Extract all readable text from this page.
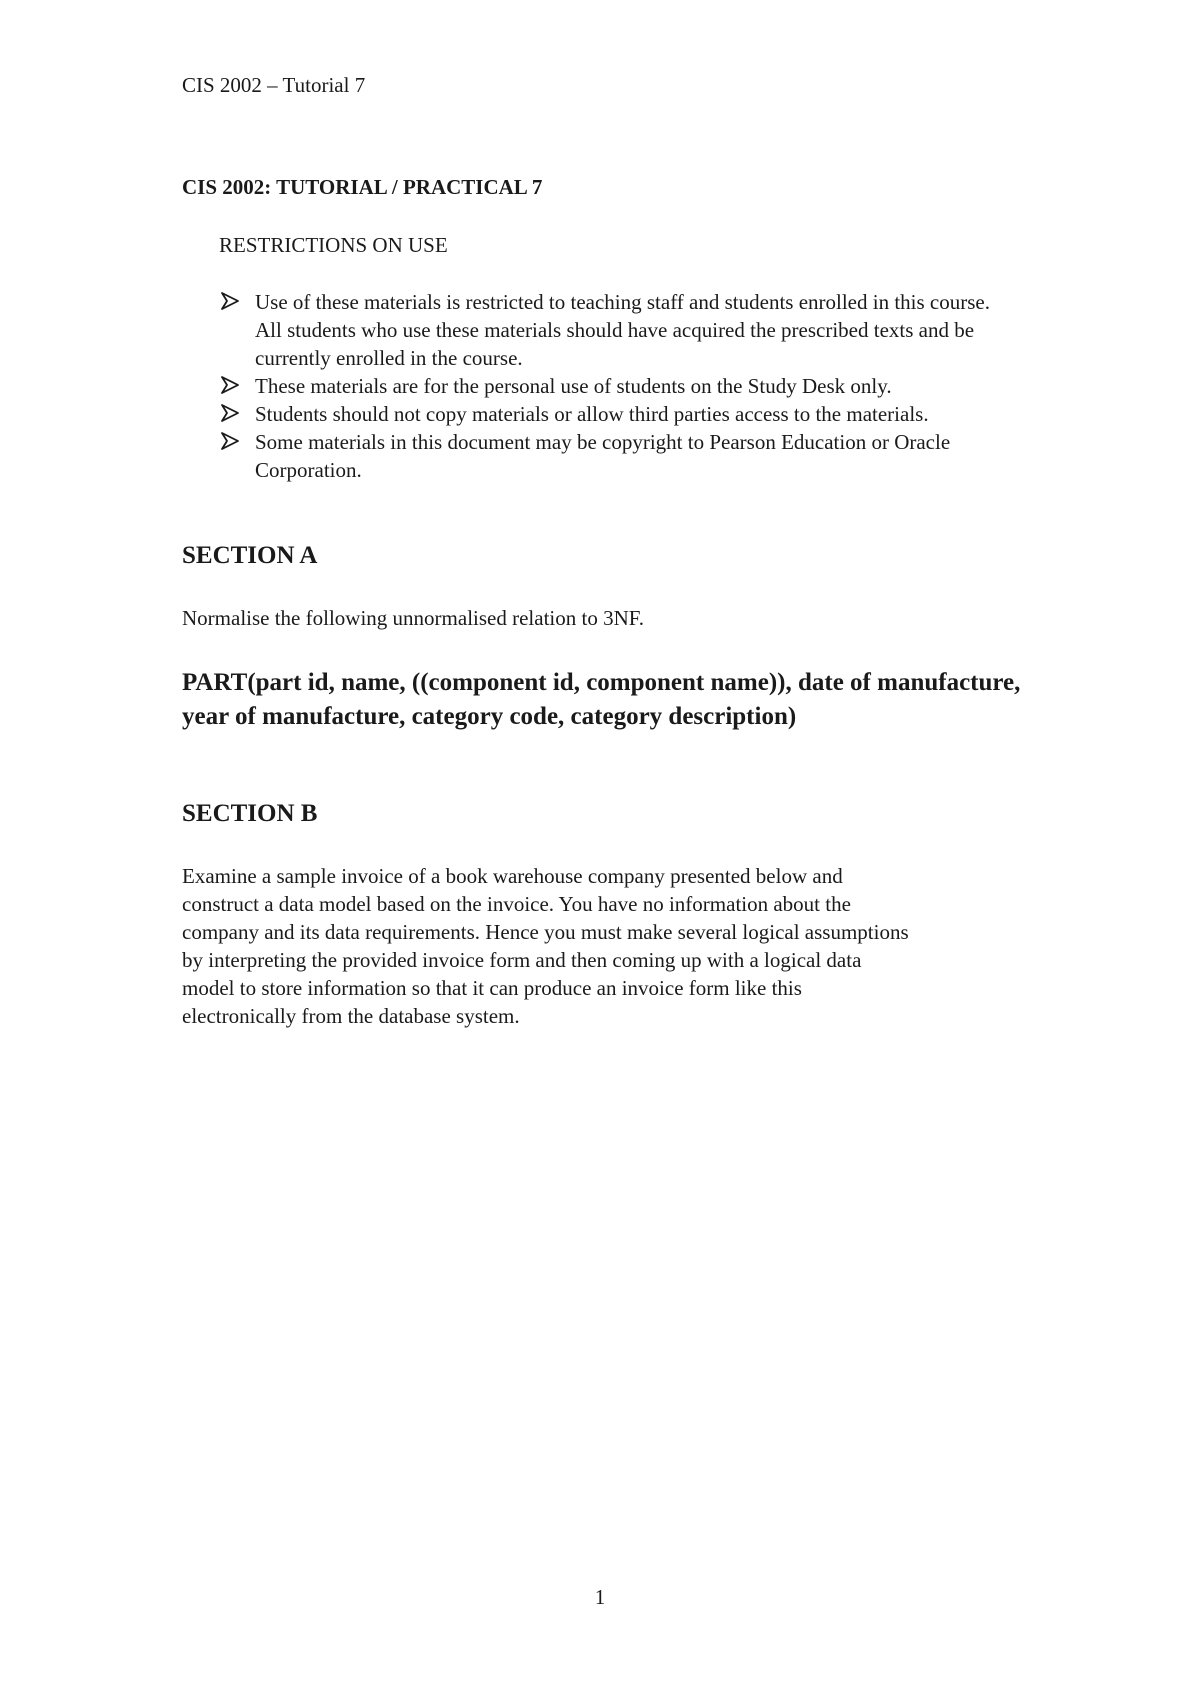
CIS 2002 – Tutorial 7
CIS 2002: TUTORIAL / PRACTICAL 7
RESTRICTIONS ON USE
Use of these materials is restricted to teaching staff and students enrolled in this course. All students who use these materials should have acquired the prescribed texts and be currently enrolled in the course.
These materials are for the personal use of students on the Study Desk only.
Students should not copy materials or allow third parties access to the materials.
Some materials in this document may be copyright to Pearson Education or Oracle Corporation.
SECTION A
Normalise the following unnormalised relation to 3NF.
PART(part id, name, ((component id, component name)), date of manufacture, year of manufacture, category code, category description)
SECTION B
Examine a sample invoice of a book warehouse company presented below and
construct a data model based on the invoice. You have no information about the
company and its data requirements. Hence you must make several logical assumptions
by interpreting the provided invoice form and then coming up with a logical data
model to store information so that it can produce an invoice form like this
electronically from the database system.
1
